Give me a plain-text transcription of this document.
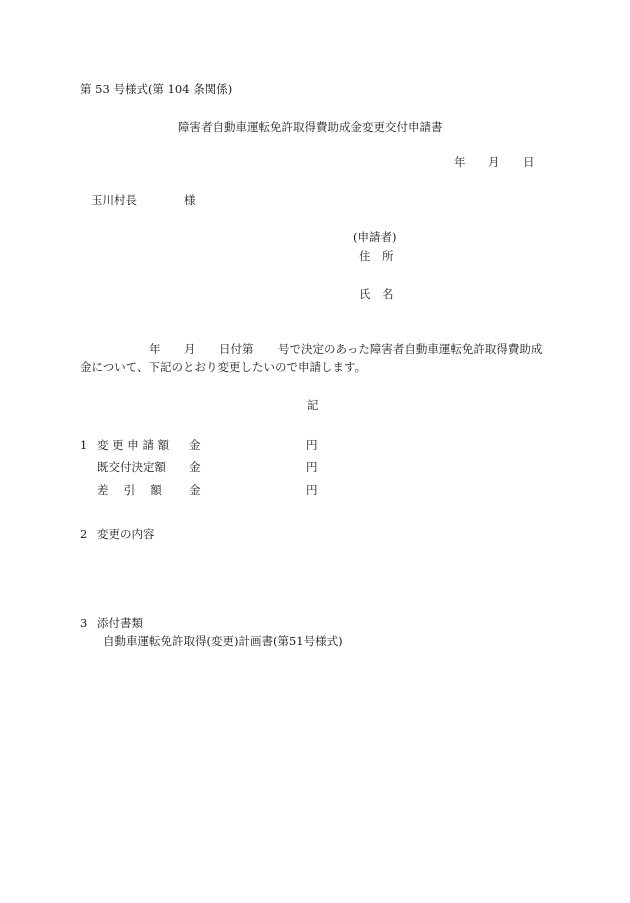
第 53 号様式(第 104 条関係)
障害者自動車運転免許取得費助成金変更交付申請書
年 月 日
玉川村長	様
(申請者)
住　所
氏　名
年 月 日付第 号で決定のあった障害者自動車運転免許取得費助成
金について、下記のとおり変更したいので申請します。
記
1 変 更 申 請 額 金	円
既交付決定額 金	円
差　 引　 額 金	円
2 変更の内容
3 添付書類
自動車運転免許取得(変更)計画書(第51号様式)
